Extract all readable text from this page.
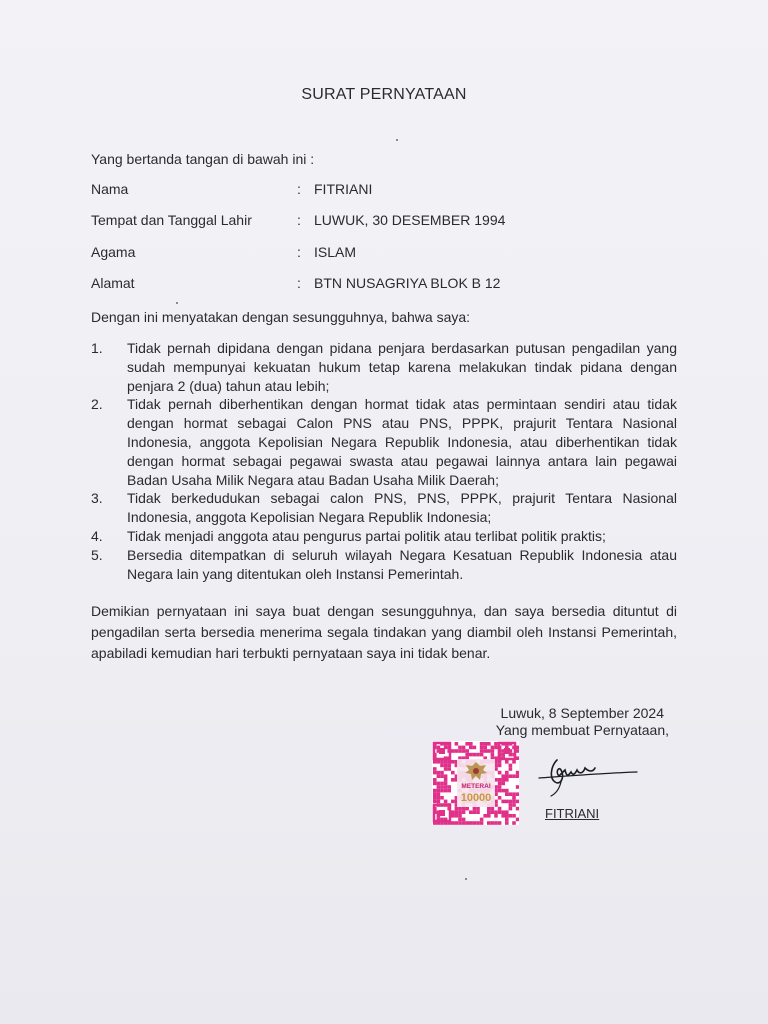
SURAT PERNYATAAN
Yang bertanda tangan di bawah ini :
Nama	: FITRIANI
Tempat dan Tanggal Lahir	: LUWUK, 30 DESEMBER 1994
Agama	: ISLAM
Alamat	: BTN NUSAGRIYA BLOK B 12
Dengan ini menyatakan dengan sesungguhnya, bahwa saya:
1. Tidak pernah dipidana dengan pidana penjara berdasarkan putusan pengadilan yang sudah mempunyai kekuatan hukum tetap karena melakukan tindak pidana dengan penjara 2 (dua) tahun atau lebih;
2. Tidak pernah diberhentikan dengan hormat tidak atas permintaan sendiri atau tidak dengan hormat sebagai Calon PNS atau PNS, PPPK, prajurit Tentara Nasional Indonesia, anggota Kepolisian Negara Republik Indonesia, atau diberhentikan tidak dengan hormat sebagai pegawai swasta atau pegawai lainnya antara lain pegawai Badan Usaha Milik Negara atau Badan Usaha Milik Daerah;
3. Tidak berkedudukan sebagai calon PNS, PNS, PPPK, prajurit Tentara Nasional Indonesia, anggota Kepolisian Negara Republik Indonesia;
4. Tidak menjadi anggota atau pengurus partai politik atau terlibat politik praktis;
5. Bersedia ditempatkan di seluruh wilayah Negara Kesatuan Republik Indonesia atau Negara lain yang ditentukan oleh Instansi Pemerintah.
Demikian pernyataan ini saya buat dengan sesungguhnya, dan saya bersedia dituntut di pengadilan serta bersedia menerima segala tindakan yang diambil oleh Instansi Pemerintah, apabiladi kemudian hari terbukti pernyataan saya ini tidak benar.
Luwuk, 8 September 2024
Yang membuat Pernyataan,
METERAI
10000
FITRIANI
